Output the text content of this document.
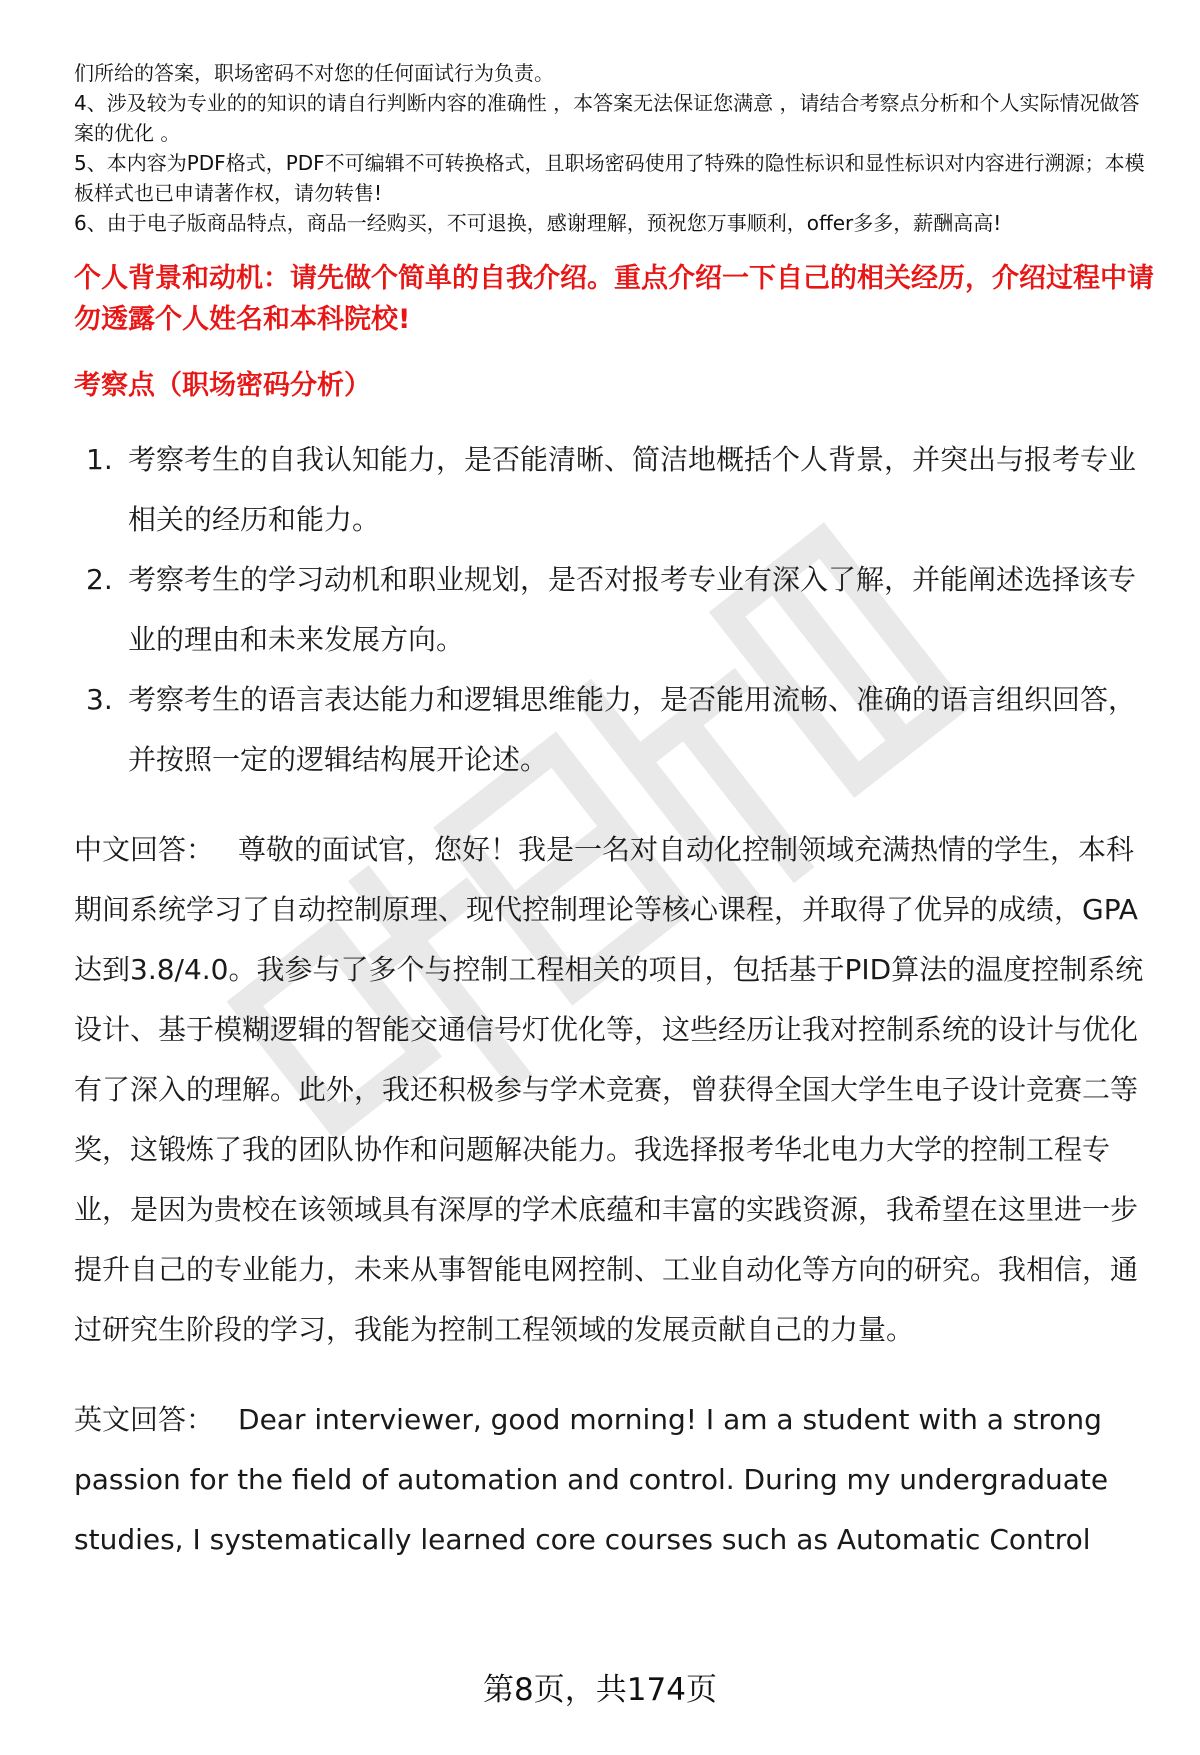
们所给的答案，职场密码不对您的任何面试行为负责。

4、涉及较为专业的的知识的请自行判断内容的准确性 ，本答案无法保证您满意 ，请结合考察点分析和个人实际情况做答案的优化 。

5、本内容为PDF格式，PDF不可编辑不可转换格式，且职场密码使用了特殊的隐性标识和显性标识对内容进行溯源；本模板样式也已申请著作权，请勿转售!

6、由于电子版商品特点，商品一经购买，不可退换，感谢理解，预祝您万事顺利，offer多多，薪酬高高!

个人背景和动机：请先做个简单的自我介绍。重点介绍一下自己的相关经历，介绍过程中请勿透露个人姓名和本科院校!

考察点（职场密码分析）

1. 考察考生的自我认知能力，是否能清晰、简洁地概括个人背景，并突出与报考专业相关的经历和能力。
2. 考察考生的学习动机和职业规划，是否对报考专业有深入了解，并能阐述选择该专业的理由和未来发展方向。
3. 考察考生的语言表达能力和逻辑思维能力，是否能用流畅、准确的语言组织回答，并按照一定的逻辑结构展开论述。

中文回答： 尊敬的面试官，您好！我是一名对自动化控制领域充满热情的学生，本科期间系统学习了自动控制原理、现代控制理论等核心课程，并取得了优异的成绩，GPA达到3.8/4.0。我参与了多个与控制工程相关的项目，包括基于PID算法的温度控制系统设计、基于模糊逻辑的智能交通信号灯优化等，这些经历让我对控制系统的设计与优化有了深入的理解。此外，我还积极参与学术竞赛，曾获得全国大学生电子设计竞赛二等奖，这锻炼了我的团队协作和问题解决能力。我选择报考华北电力大学的控制工程专业，是因为贵校在该领域具有深厚的学术底蕴和丰富的实践资源，我希望在这里进一步提升自己的专业能力，未来从事智能电网控制、工业自动化等方向的研究。我相信，通过研究生阶段的学习，我能为控制工程领域的发展贡献自己的力量。

英文回答： Dear interviewer, good morning! I am a student with a strong passion for the field of automation and control. During my undergraduate studies, I systematically learned core courses such as Automatic Control

第8页，共174页
